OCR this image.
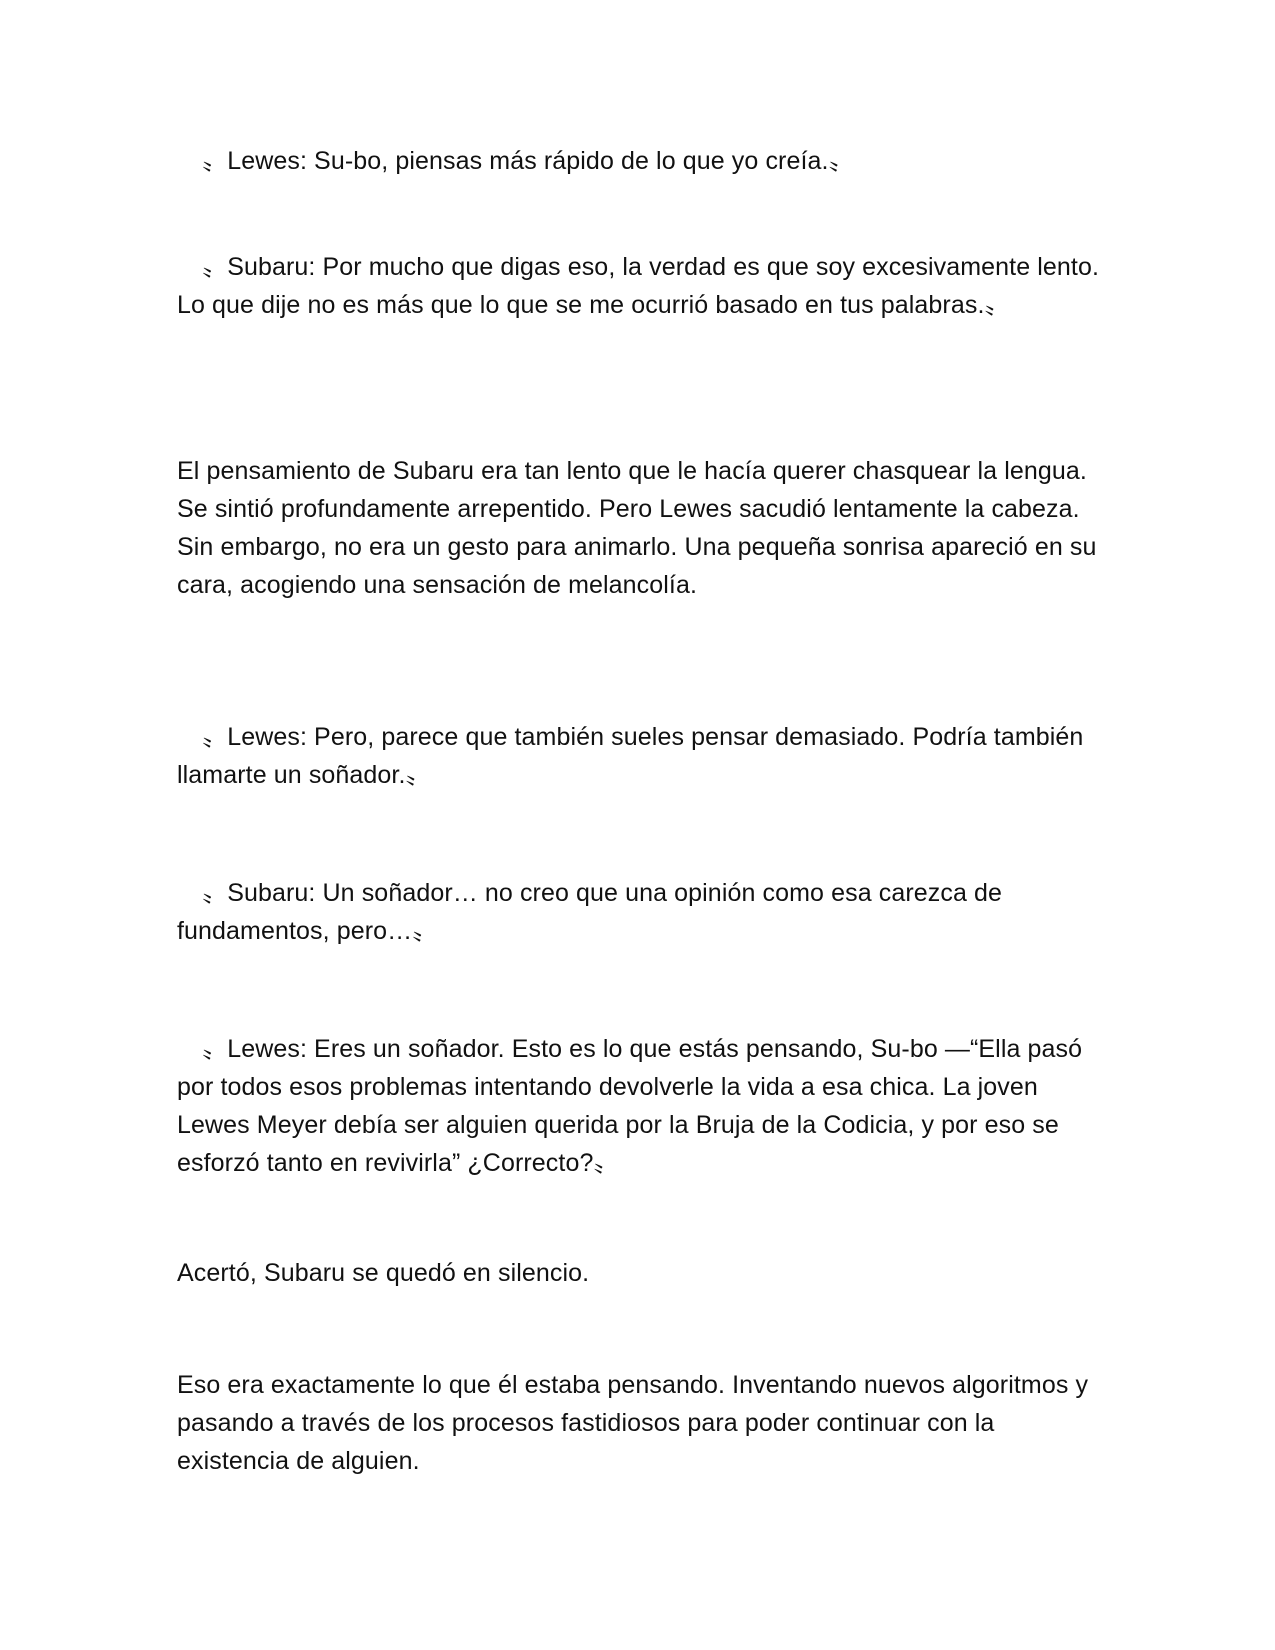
　〟Lewes: Su-bo, piensas más rápido de lo que yo creía.〟

　〟Subaru: Por mucho que digas eso, la verdad es que soy excesivamente lento. Lo que dije no es más que lo que se me ocurrió basado en tus palabras.〟

El pensamiento de Subaru era tan lento que le hacía querer chasquear la lengua. Se sintió profundamente arrepentido. Pero Lewes sacudió lentamente la cabeza. Sin embargo, no era un gesto para animarlo. Una pequeña sonrisa apareció en su cara, acogiendo una sensación de melancolía.

　〟Lewes: Pero, parece que también sueles pensar demasiado. Podría también llamarte un soñador.〟

　〟Subaru: Un soñador… no creo que una opinión como esa carezca de fundamentos, pero…〟

　〟Lewes: Eres un soñador. Esto es lo que estás pensando, Su-bo —“Ella pasó por todos esos problemas intentando devolverle la vida a esa chica. La joven Lewes Meyer debía ser alguien querida por la Bruja de la Codicia, y por eso se esforzó tanto en revivirla” ¿Correcto?〟

Acertó, Subaru se quedó en silencio.

Eso era exactamente lo que él estaba pensando. Inventando nuevos algoritmos y pasando a través de los procesos fastidiosos para poder continuar con la existencia de alguien.
